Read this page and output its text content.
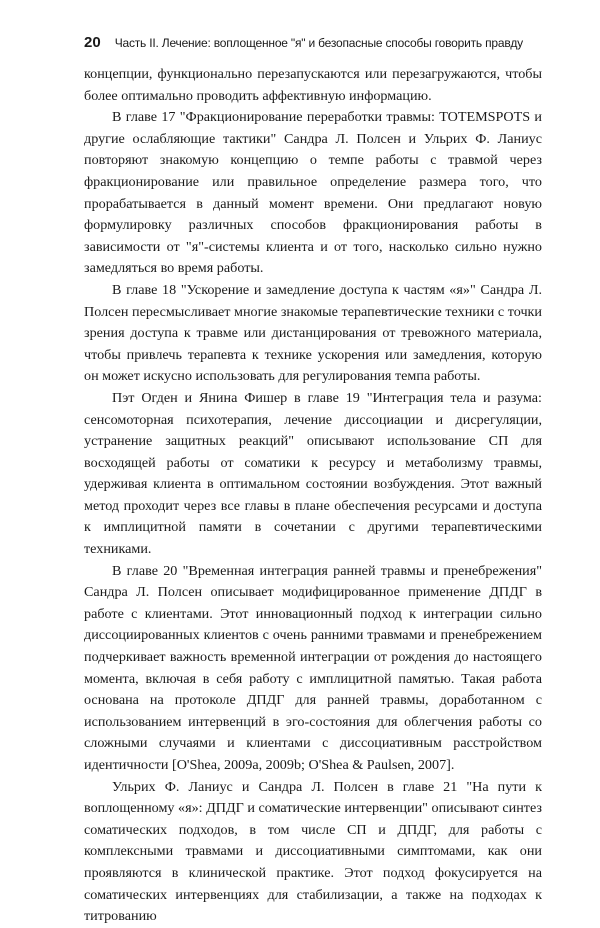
20 Часть II. Лечение: воплощенное "я" и безопасные способы говорить правду

концепции, функционально перезапускаются или перезагружаются, чтобы более оптимально проводить аффективную информацию.

В главе 17 "Фракционирование переработки травмы: TOTEMSPOTS и другие ослабляющие тактики" Сандра Л. Полсен и Ульрих Ф. Ланиус повторяют знакомую концепцию о темпе работы с травмой через фракционирование или правильное определение размера того, что прорабатывается в данный момент времени. Они предлагают новую формулировку различных способов фракционирования работы в зависимости от "я"-системы клиента и от того, насколько сильно нужно замедляться во время работы.

В главе 18 "Ускорение и замедление доступа к частям «я»" Сандра Л. Полсен пересмысливает многие знакомые терапевтические техники с точки зрения доступа к травме или дистанцирования от тревожного материала, чтобы привлечь терапевта к технике ускорения или замедления, которую он может искусно использовать для регулирования темпа работы.

Пэт Огден и Янина Фишер в главе 19 "Интеграция тела и разума: сенсомоторная психотерапия, лечение диссоциации и дисрегуляции, устранение защитных реакций" описывают использование СП для восходящей работы от соматики к ресурсу и метаболизму травмы, удерживая клиента в оптимальном состоянии возбуждения. Этот важный метод проходит через все главы в плане обеспечения ресурсами и доступа к имплицитной памяти в сочетании с другими терапевтическими техниками.

В главе 20 "Временная интеграция ранней травмы и пренебрежения" Сандра Л. Полсен описывает модифицированное применение ДПДГ в работе с клиентами. Этот инновационный подход к интеграции сильно диссоциированных клиентов с очень ранними травмами и пренебрежением подчеркивает важность временной интеграции от рождения до настоящего момента, включая в себя работу с имплицитной памятью. Такая работа основана на протоколе ДПДГ для ранней травмы, доработанном с использованием интервенций в эго-состояния для облегчения работы со сложными случаями и клиентами с диссоциативным расстройством идентичности [O'Shea, 2009a, 2009b; O'Shea & Paulsen, 2007].

Ульрих Ф. Ланиус и Сандра Л. Полсен в главе 21 "На пути к воплощенному «я»: ДПДГ и соматические интервенции" описывают синтез соматических подходов, в том числе СП и ДПДГ, для работы с комплексными травмами и диссоциативными симптомами, как они проявляются в клинической практике. Этот подход фокусируется на соматических интервенциях для стабилизации, а также на подходах к титрованию
